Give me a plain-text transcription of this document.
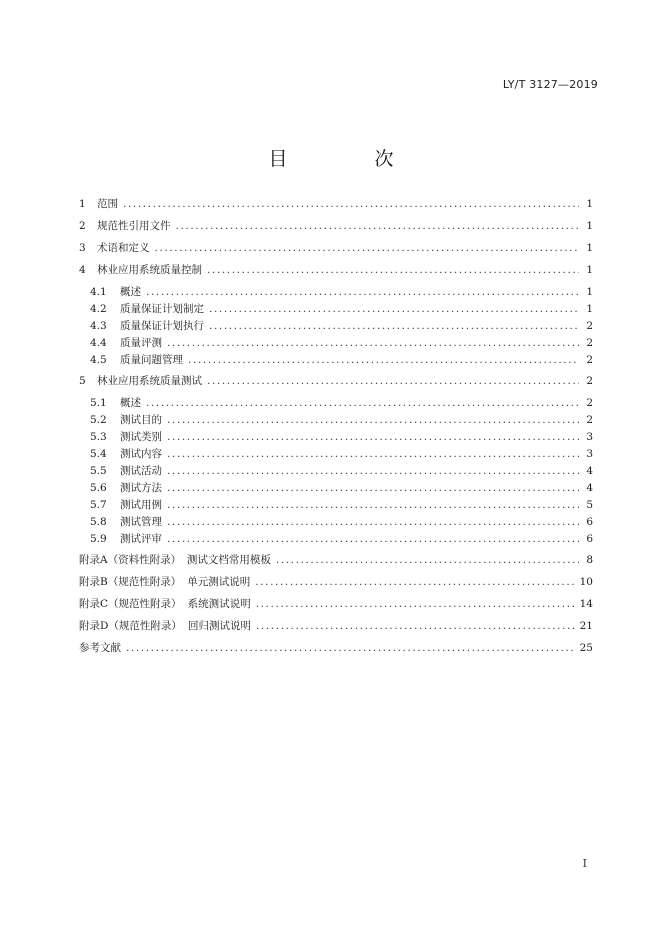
LY/T 3127—2019
目　次
1	范围 .....	1
2	规范性引用文件 .....	1
3	术语和定义 .....	1
4	林业应用系统质量控制 .....	1
4.1	概述 .....	1
4.2	质量保证计划制定 .....	1
4.3	质量保证计划执行 .....	2
4.4	质量评测 .....	2
4.5	质量问题管理 .....	2
5	林业应用系统质量测试 .....	2
5.1	概述 .....	2
5.2	测试目的 .....	2
5.3	测试类别 .....	3
5.4	测试内容 .....	3
5.5	测试活动 .....	4
5.6	测试方法 .....	4
5.7	测试用例 .....	5
5.8	测试管理 .....	6
5.9	测试评审 .....	6
附录A（资料性附录） 测试文档常用模板 .....	8
附录B（规范性附录） 单元测试说明 .....	10
附录C（规范性附录） 系统测试说明 .....	14
附录D（规范性附录） 回归测试说明 .....	21
参考文献 .....	25
I
